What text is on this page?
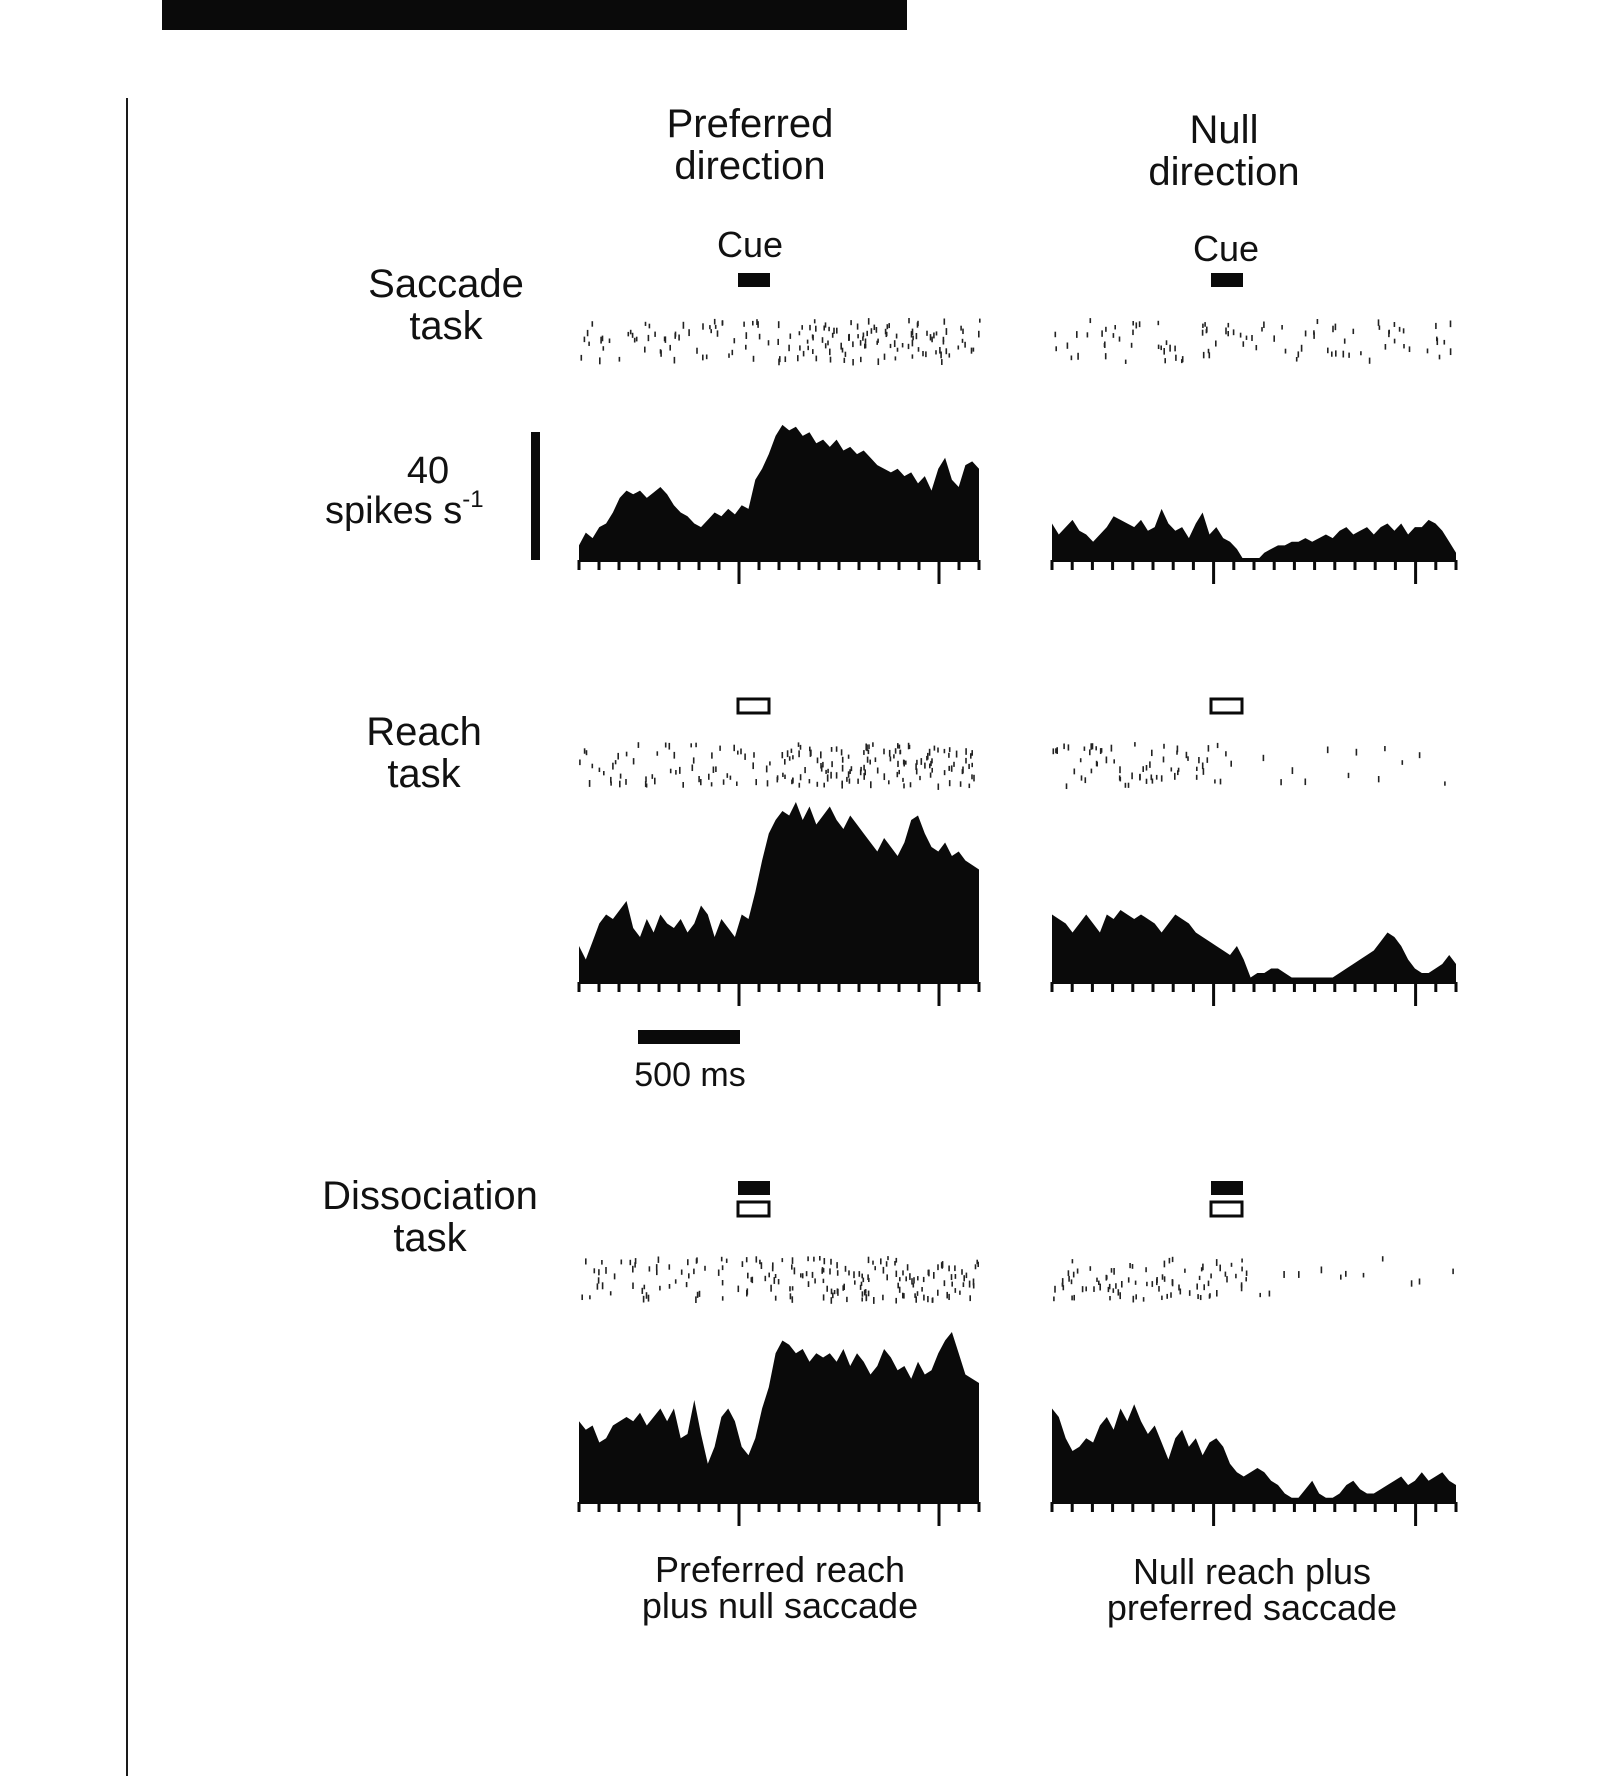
Preferred
direction
Null
direction
Cue	Cue
Saccade
task
Reach
task
Dissociation
task
40
spikes $s^{-1}$
500 ms
Preferred reach
plus null saccade
Null reach plus
preferred saccade
